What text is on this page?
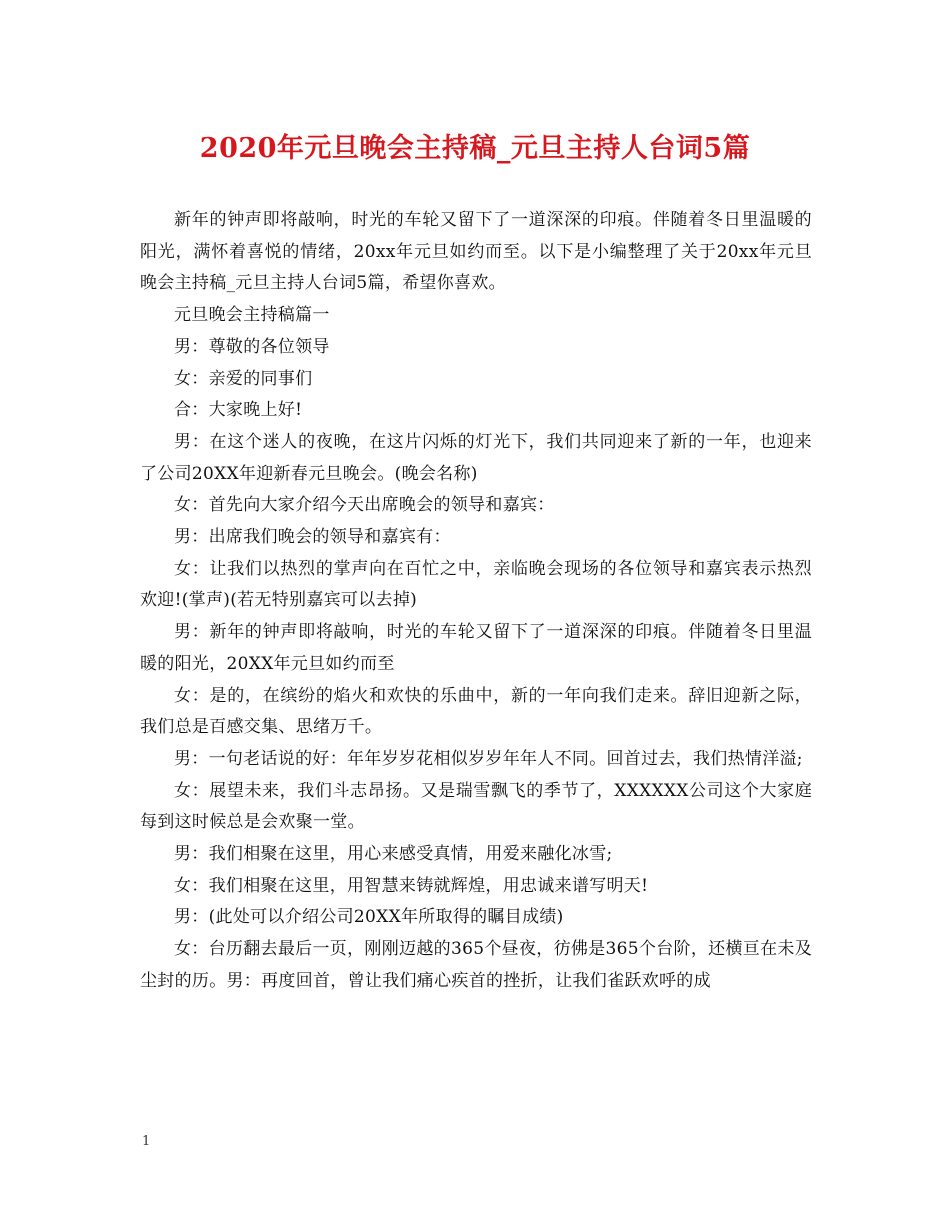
2020年元旦晚会主持稿_元旦主持人台词5篇

新年的钟声即将敲响，时光的车轮又留下了一道深深的印痕。伴随着冬日里温暖的阳光，满怀着喜悦的情绪，20xx年元旦如约而至。以下是小编整理了关于20xx年元旦晚会主持稿_元旦主持人台词5篇，希望你喜欢。

元旦晚会主持稿篇一

男：尊敬的各位领导

女：亲爱的同事们

合：大家晚上好!

男：在这个迷人的夜晚，在这片闪烁的灯光下，我们共同迎来了新的一年，也迎来了公司20XX年迎新春元旦晚会。(晚会名称)

女：首先向大家介绍今天出席晚会的领导和嘉宾：

男：出席我们晚会的领导和嘉宾有：

女：让我们以热烈的掌声向在百忙之中，亲临晚会现场的各位领导和嘉宾表示热烈欢迎!(掌声)(若无特别嘉宾可以去掉)

男：新年的钟声即将敲响，时光的车轮又留下了一道深深的印痕。伴随着冬日里温暖的阳光，20XX年元旦如约而至

女：是的，在缤纷的焰火和欢快的乐曲中，新的一年向我们走来。辞旧迎新之际，我们总是百感交集、思绪万千。

男：一句老话说的好：年年岁岁花相似岁岁年年人不同。回首过去，我们热情洋溢;

女：展望未来，我们斗志昂扬。又是瑞雪飘飞的季节了，XXXXXX公司这个大家庭每到这时候总是会欢聚一堂。

男：我们相聚在这里，用心来感受真情，用爱来融化冰雪;

女：我们相聚在这里，用智慧来铸就辉煌，用忠诚来谱写明天!

男：(此处可以介绍公司20XX年所取得的瞩目成绩)

女：台历翻去最后一页，刚刚迈越的365个昼夜，彷佛是365个台阶，还横亘在未及尘封的历。男：再度回首，曾让我们痛心疾首的挫折，让我们雀跃欢呼的成

1
